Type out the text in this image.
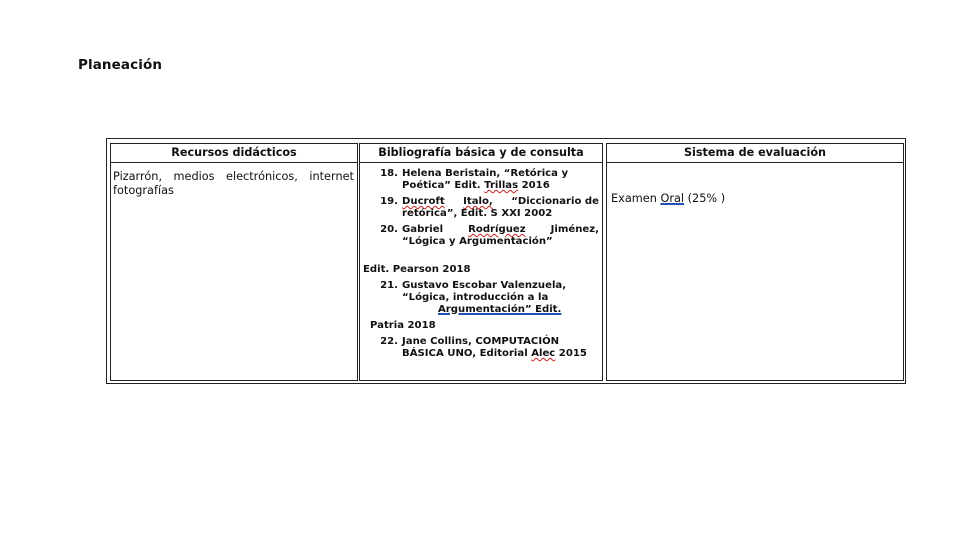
Planeación
Recursos didácticos
Pizarrón, medios electrónicos, internet fotografías
Bibliografía básica y de consulta
18. Helena Beristain, “Retórica y
Poética” Edit. Trillas 2016
19. Ducroft Italo, “Diccionario de
retórica”, Edit. S XXI 2002
20. Gabriel Rodríguez Jiménez,
“Lógica y Argumentación”
Edit. Pearson 2018
21. Gustavo Escobar Valenzuela,
“Lógica, introducción a la
Argumentación” Edit.
Patria 2018
22. Jane Collins, COMPUTACIÓN
BÁSICA UNO, Editorial Alec 2015
Sistema de evaluación
Examen Oral (25% )
